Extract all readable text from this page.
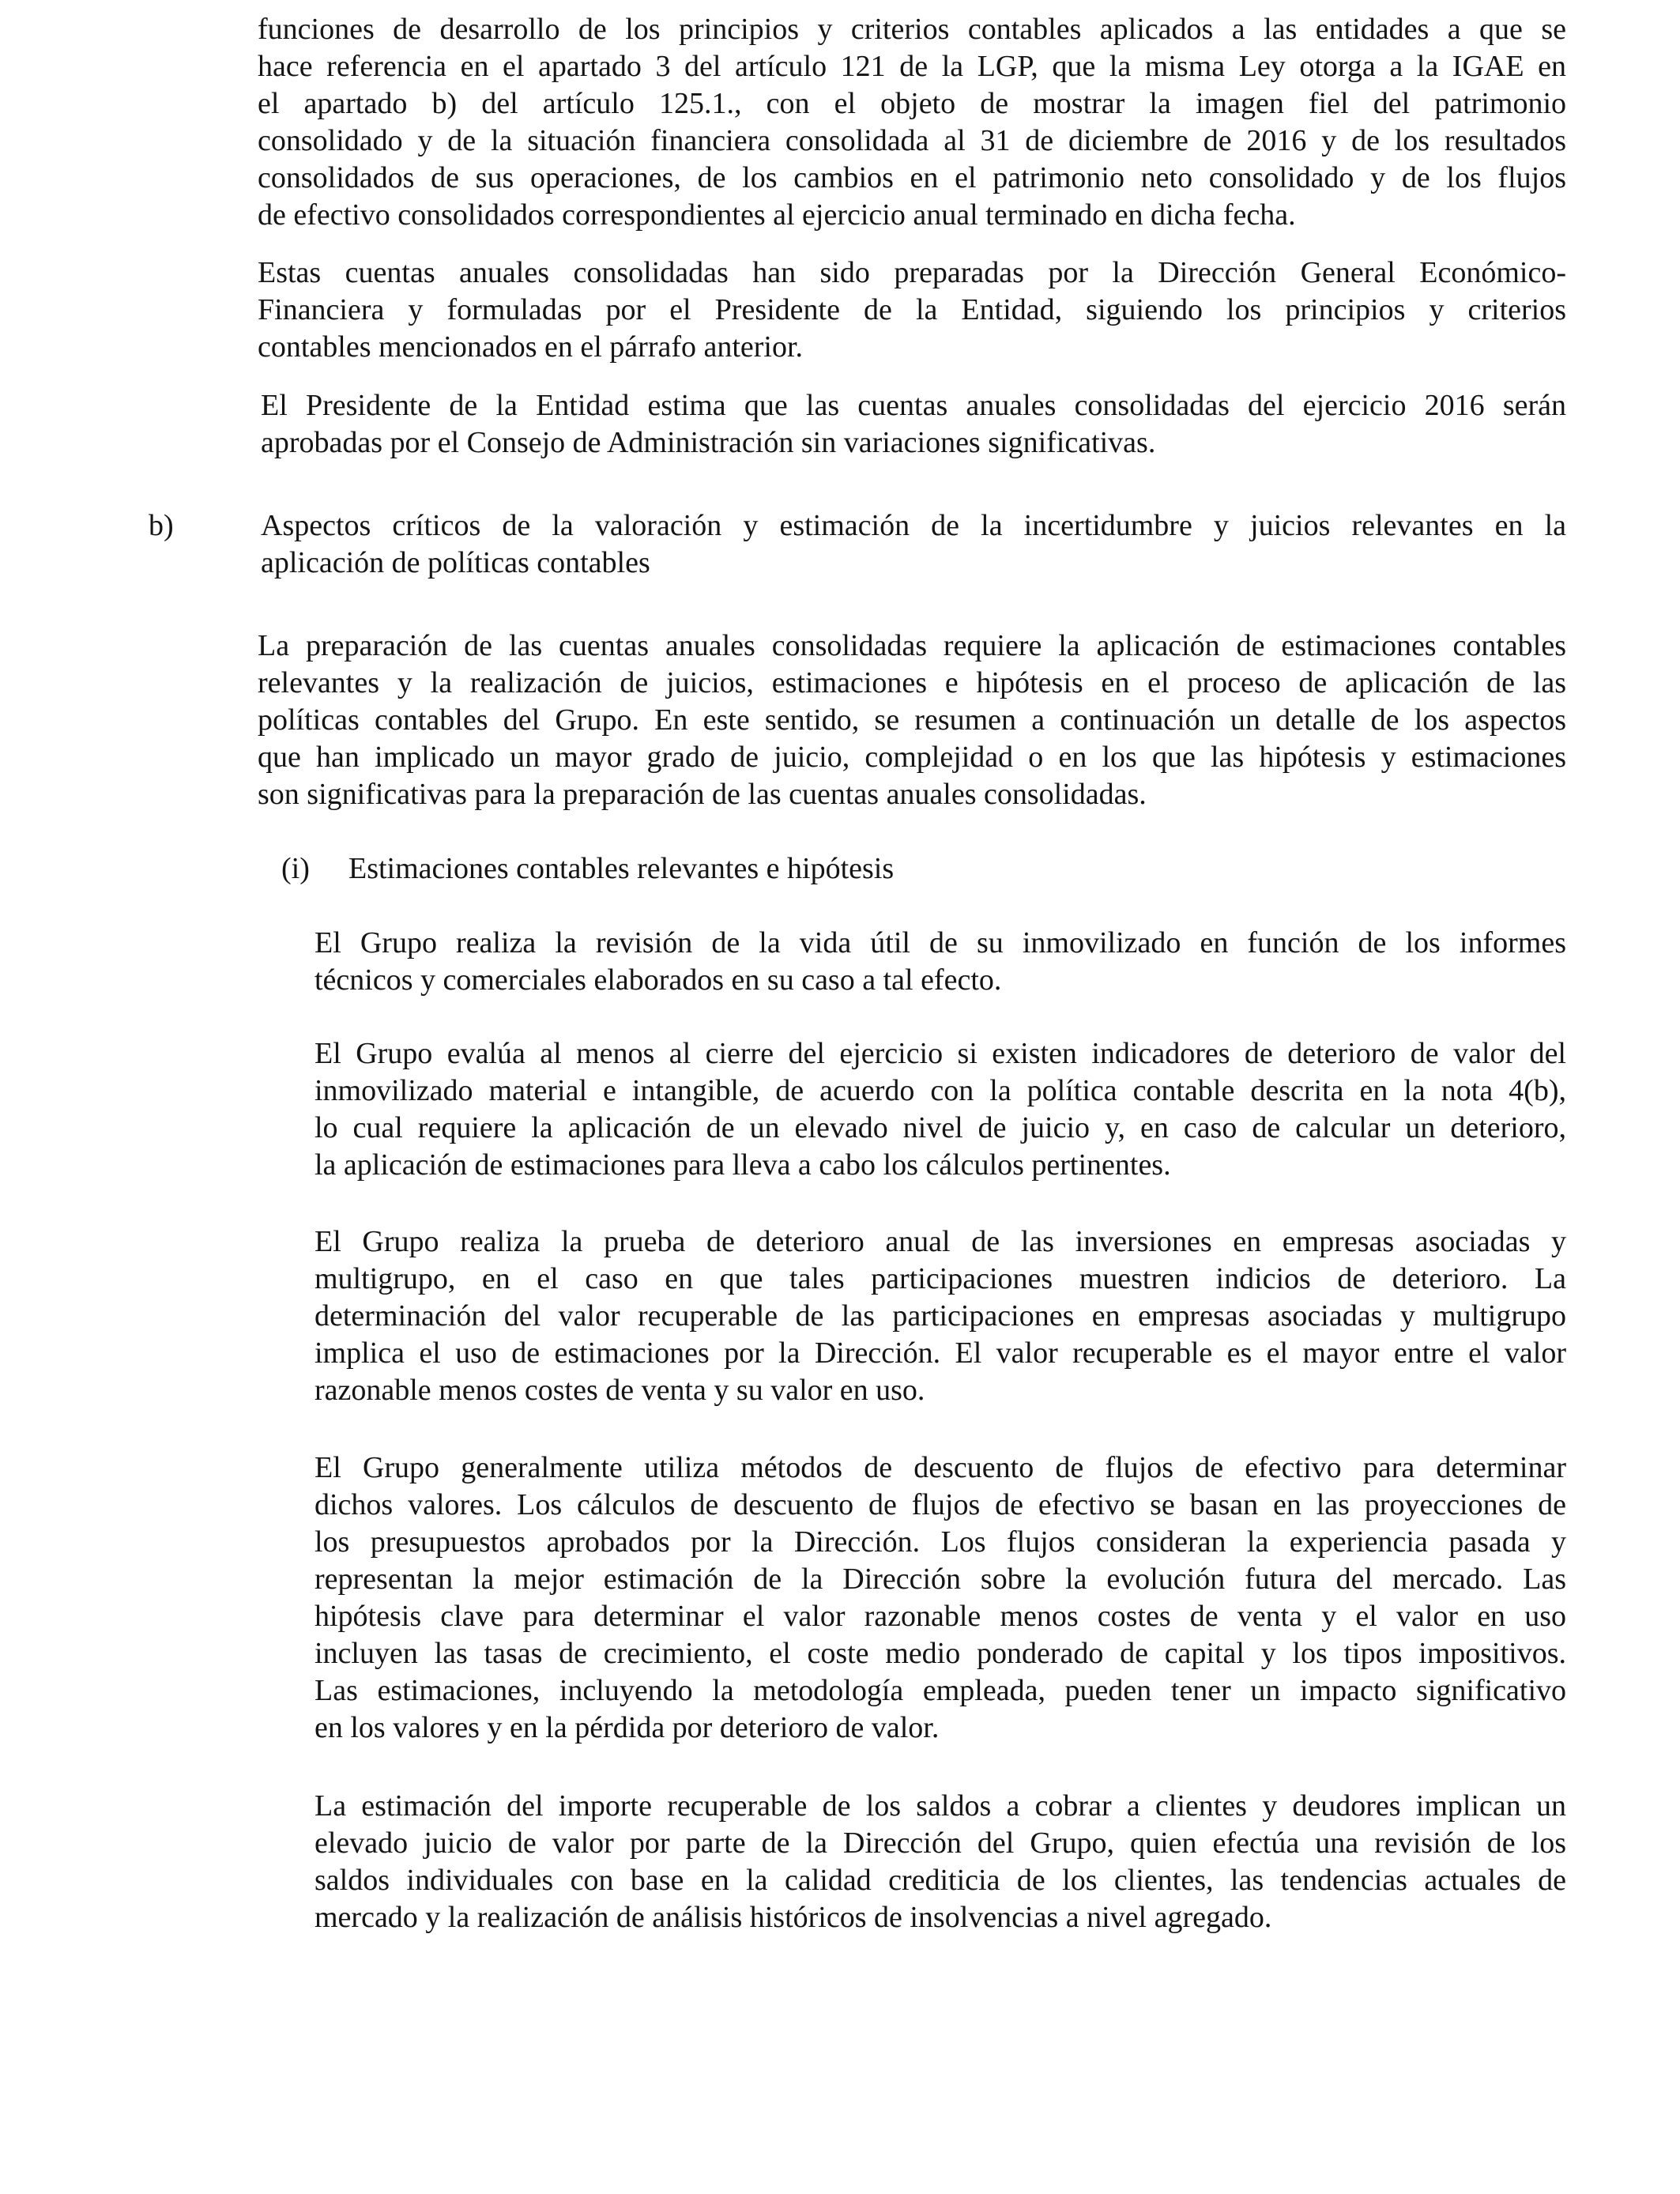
funciones de desarrollo de los principios y criterios contables aplicados a las entidades a que se
hace referencia en el apartado 3 del artículo 121 de la LGP, que la misma Ley otorga a la IGAE en
el apartado b) del artículo 125.1., con el objeto de mostrar la imagen fiel del patrimonio
consolidado y de la situación financiera consolidada al 31 de diciembre de 2016 y de los resultados
consolidados de sus operaciones, de los cambios en el patrimonio neto consolidado y de los flujos
de efectivo consolidados correspondientes al ejercicio anual terminado en dicha fecha.
Estas cuentas anuales consolidadas han sido preparadas por la Dirección General Económico-
Financiera y formuladas por el Presidente de la Entidad, siguiendo los principios y criterios
contables mencionados en el párrafo anterior.
El Presidente de la Entidad estima que las cuentas anuales consolidadas del ejercicio 2016 serán
aprobadas por el Consejo de Administración sin variaciones significativas.
b)	Aspectos críticos de la valoración y estimación de la incertidumbre y juicios relevantes en la
aplicación de políticas contables
La preparación de las cuentas anuales consolidadas requiere la aplicación de estimaciones contables
relevantes y la realización de juicios, estimaciones e hipótesis en el proceso de aplicación de las
políticas contables del Grupo. En este sentido, se resumen a continuación un detalle de los aspectos
que han implicado un mayor grado de juicio, complejidad o en los que las hipótesis y estimaciones
son significativas para la preparación de las cuentas anuales consolidadas.
(i) Estimaciones contables relevantes e hipótesis
El Grupo realiza la revisión de la vida útil de su inmovilizado en función de los informes
técnicos y comerciales elaborados en su caso a tal efecto.
El Grupo evalúa al menos al cierre del ejercicio si existen indicadores de deterioro de valor del
inmovilizado material e intangible, de acuerdo con la política contable descrita en la nota 4(b),
lo cual requiere la aplicación de un elevado nivel de juicio y, en caso de calcular un deterioro,
la aplicación de estimaciones para lleva a cabo los cálculos pertinentes.
El Grupo realiza la prueba de deterioro anual de las inversiones en empresas asociadas y
multigrupo, en el caso en que tales participaciones muestren indicios de deterioro. La
determinación del valor recuperable de las participaciones en empresas asociadas y multigrupo
implica el uso de estimaciones por la Dirección. El valor recuperable es el mayor entre el valor
razonable menos costes de venta y su valor en uso.
El Grupo generalmente utiliza métodos de descuento de flujos de efectivo para determinar
dichos valores. Los cálculos de descuento de flujos de efectivo se basan en las proyecciones de
los presupuestos aprobados por la Dirección. Los flujos consideran la experiencia pasada y
representan la mejor estimación de la Dirección sobre la evolución futura del mercado. Las
hipótesis clave para determinar el valor razonable menos costes de venta y el valor en uso
incluyen las tasas de crecimiento, el coste medio ponderado de capital y los tipos impositivos.
Las estimaciones, incluyendo la metodología empleada, pueden tener un impacto significativo
en los valores y en la pérdida por deterioro de valor.
La estimación del importe recuperable de los saldos a cobrar a clientes y deudores implican un
elevado juicio de valor por parte de la Dirección del Grupo, quien efectúa una revisión de los
saldos individuales con base en la calidad crediticia de los clientes, las tendencias actuales de
mercado y la realización de análisis históricos de insolvencias a nivel agregado.
